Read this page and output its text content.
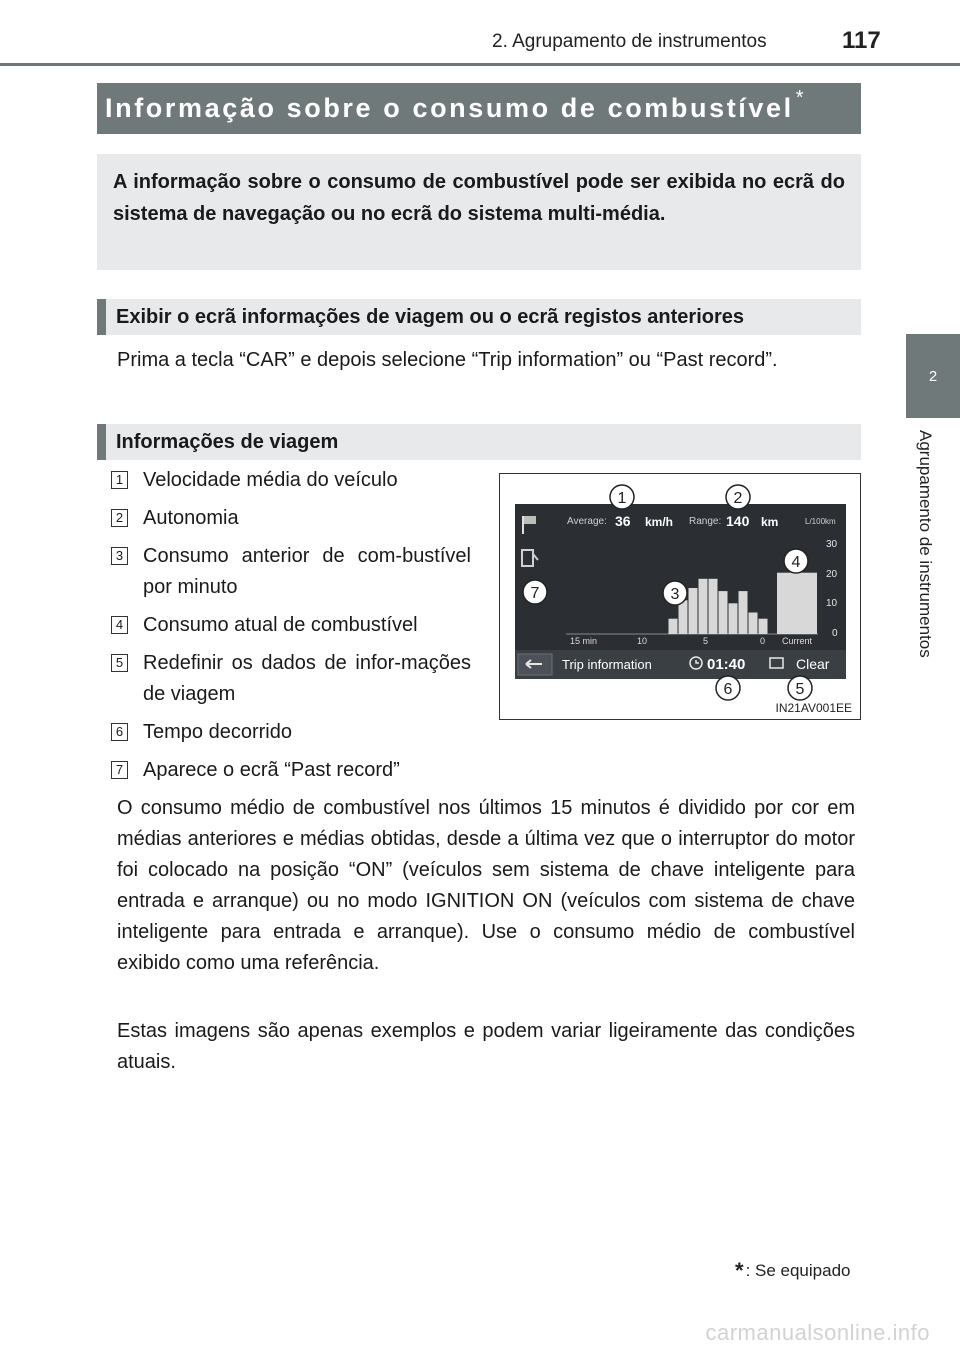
2. Agrupamento de instrumentos	117
2
Agrupamento de instrumentos
Informação sobre o consumo de combustível*
A informação sobre o consumo de combustível pode ser exibida no ecrã do sistema de navegação ou no ecrã do sistema multi-média.
Exibir o ecrã informações de viagem ou o ecrã registos anteriores
Prima a tecla “CAR” e depois selecione “Trip information” ou “Past record”.
Informações de viagem
1 Velocidade média do veículo
2 Autonomia
3 Consumo anterior de com-bustível por minuto
4 Consumo atual de combustível
5 Redefinir os dados de infor-mações de viagem
6 Tempo decorrido
7 Aparece o ecrã “Past record”
Average: 36 km/h Range: 140 km	L/100km
30
20
10
0
15 min	10	5	0 Current
Trip information	01:40	Clear
1	2
3
4
5
6
7
IN21AV001EE
O consumo médio de combustível nos últimos 15 minutos é dividido por cor em médias anteriores e médias obtidas, desde a última vez que o interruptor do motor foi colocado na posição “ON” (veículos sem sistema de chave inteligente para entrada e arranque) ou no modo IGNITION ON (veículos com sistema de chave inteligente para entrada e arranque). Use o consumo médio de combustível exibido como uma referência.
Estas imagens são apenas exemplos e podem variar ligeiramente das condições atuais.
* : Se equipado
carmanualsonline.info
